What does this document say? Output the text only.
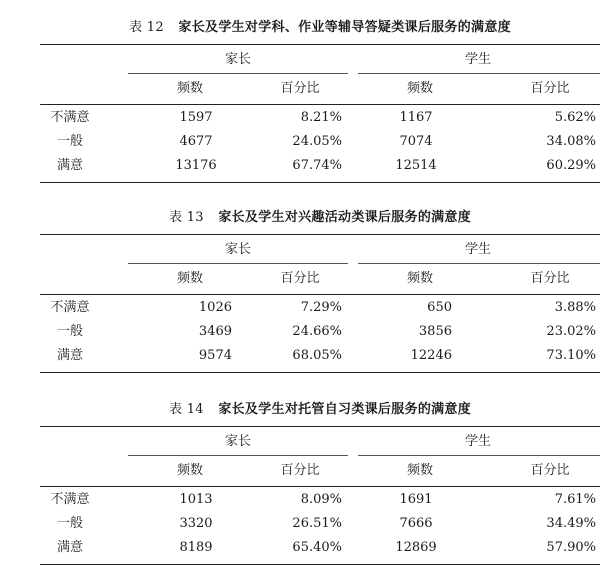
表 12 家长及学生对学科、作业等辅导答疑类课后服务的满意度
家长	学生
频数	百分比	频数	百分比
不满意	1597	8.21%	1167	5.62%
一般	4677	24.05%	7074	34.08%
满意	13176	67.74%	12514	60.29%
表 13 家长及学生对兴趣活动类课后服务的满意度
家长	学生
频数	百分比	频数	百分比
不满意	1026	7.29%	650	3.88%
一般	3469	24.66%	3856	23.02%
满意	9574	68.05%	12246	73.10%
表 14 家长及学生对托管自习类课后服务的满意度
家长	学生
频数	百分比	频数	百分比
不满意	1013	8.09%	1691	7.61%
一般	3320	26.51%	7666	34.49%
满意	8189	65.40%	12869	57.90%
